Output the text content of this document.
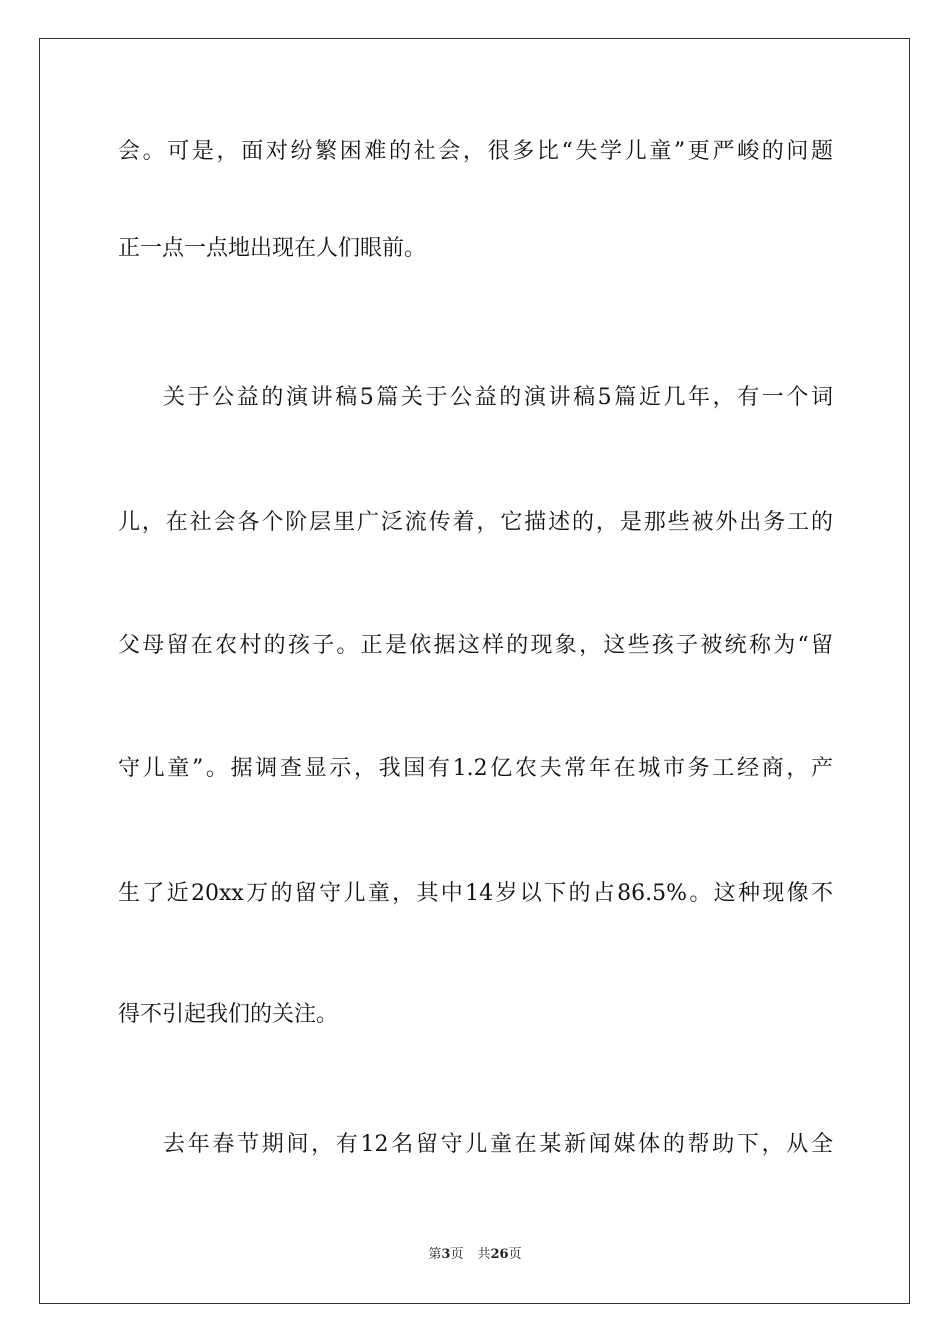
会。可是，面对纷繁困难的社会，很多比“失学儿童”更严峻的问题
正一点一点地出现在人们眼前。
关于公益的演讲稿5篇关于公益的演讲稿5篇近几年，有一个词
儿，在社会各个阶层里广泛流传着，它描述的，是那些被外出务工的
父母留在农村的孩子。正是依据这样的现象，这些孩子被统称为“留
守儿童”。据调查显示，我国有1.2亿农夫常年在城市务工经商，产
生了近20xx万的留守儿童，其中14岁以下的占86.5%。这种现像不
得不引起我们的关注。
去年春节期间，有12名留守儿童在某新闻媒体的帮助下，从全
第3页 共26页
